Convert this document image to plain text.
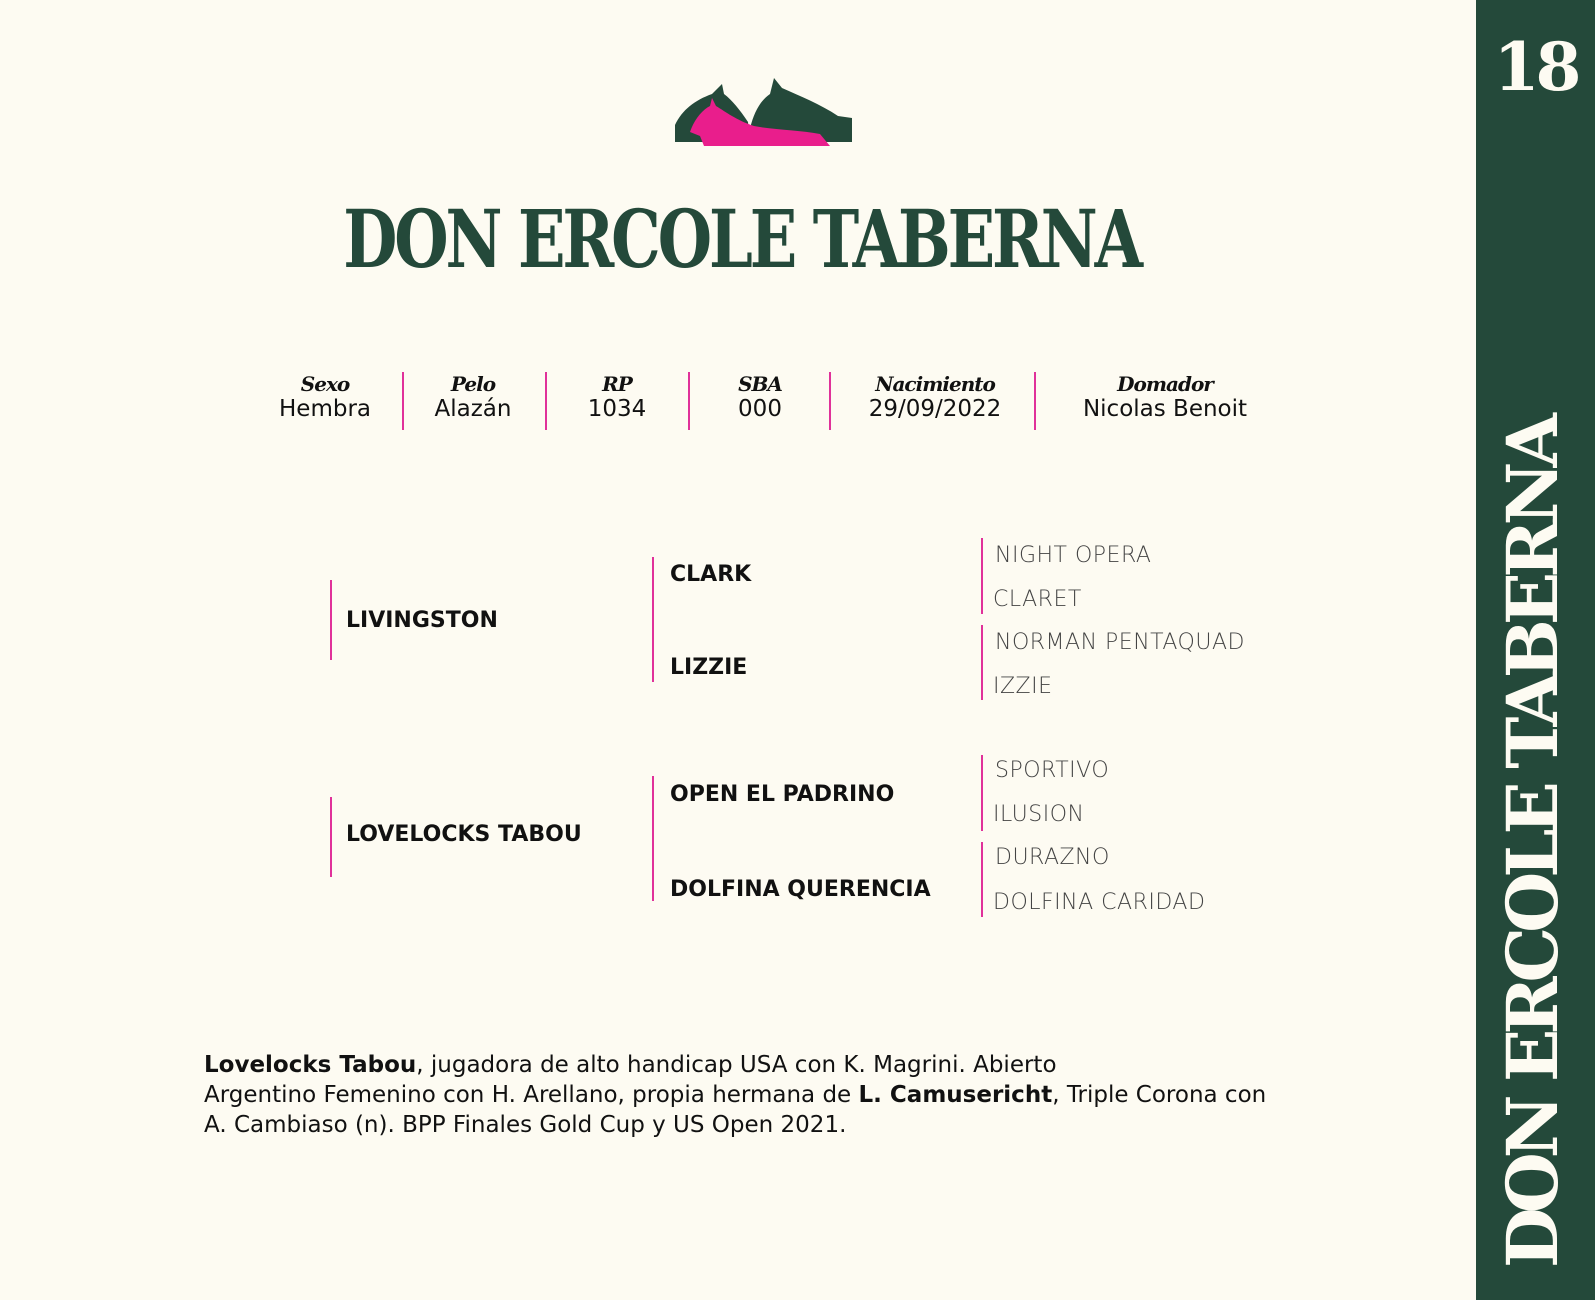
DON ERCOLE TABERNA
Sexo
Hembra
Pelo
Alazán
RP
1034
SBA
000
Nacimiento
29/09/2022
Domador
Nicolas Benoit
LIVINGSTON
CLARK
LIZZIE
NIGHT OPERA
CLARET
NORMAN PENTAQUAD
IZZIE
LOVELOCKS TABOU
OPEN EL PADRINO
DOLFINA QUERENCIA
SPORTIVO
ILUSION
DURAZNO
DOLFINA CARIDAD
Lovelocks Tabou, jugadora de alto handicap USA con K. Magrini. Abierto
Argentino Femenino con H. Arellano, propia hermana de L. Camusericht, Triple Corona con
A. Cambiaso (n). BPP Finales Gold Cup y US Open 2021.
18
DON ERCOLE TABERNA
